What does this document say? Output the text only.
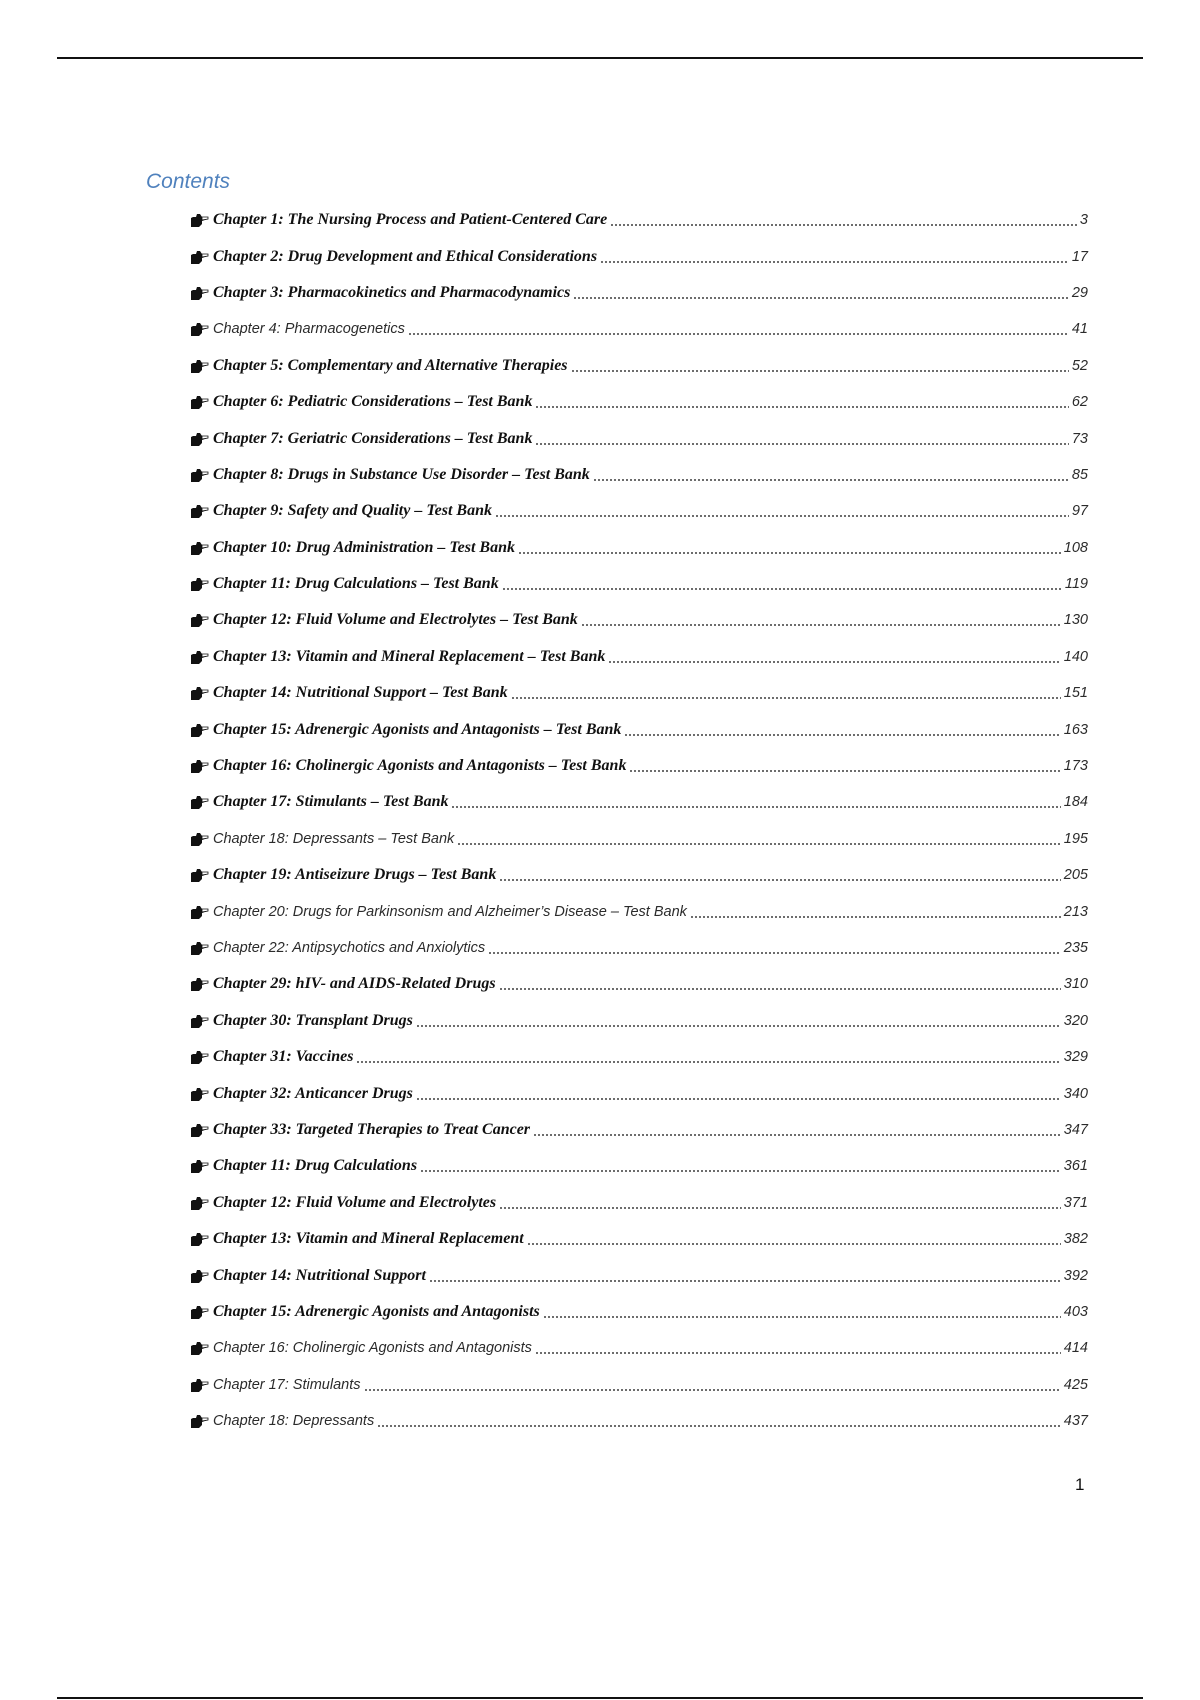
Contents
Chapter 1: The Nursing Process and Patient-Centered Care	3
Chapter 2: Drug Development and Ethical Considerations	17
Chapter 3: Pharmacokinetics and Pharmacodynamics	29
Chapter 4: Pharmacogenetics	41
Chapter 5: Complementary and Alternative Therapies	52
Chapter 6: Pediatric Considerations – Test Bank	62
Chapter 7: Geriatric Considerations – Test Bank	73
Chapter 8: Drugs in Substance Use Disorder – Test Bank	85
Chapter 9: Safety and Quality – Test Bank	97
Chapter 10: Drug Administration – Test Bank	108
Chapter 11: Drug Calculations – Test Bank	119
Chapter 12: Fluid Volume and Electrolytes – Test Bank	130
Chapter 13: Vitamin and Mineral Replacement – Test Bank	140
Chapter 14: Nutritional Support – Test Bank	151
Chapter 15: Adrenergic Agonists and Antagonists – Test Bank	163
Chapter 16: Cholinergic Agonists and Antagonists – Test Bank	173
Chapter 17: Stimulants – Test Bank	184
Chapter 18: Depressants – Test Bank	195
Chapter 19: Antiseizure Drugs – Test Bank	205
Chapter 20: Drugs for Parkinsonism and Alzheimer’s Disease – Test Bank	213
Chapter 22: Antipsychotics and Anxiolytics	235
Chapter 29: hIV- and AIDS-Related Drugs	310
Chapter 30: Transplant Drugs	320
Chapter 31: Vaccines	329
Chapter 32: Anticancer Drugs	340
Chapter 33: Targeted Therapies to Treat Cancer	347
Chapter 11: Drug Calculations	361
Chapter 12: Fluid Volume and Electrolytes	371
Chapter 13: Vitamin and Mineral Replacement	382
Chapter 14: Nutritional Support	392
Chapter 15: Adrenergic Agonists and Antagonists	403
Chapter 16: Cholinergic Agonists and Antagonists	414
Chapter 17: Stimulants	425
Chapter 18: Depressants	437
1
